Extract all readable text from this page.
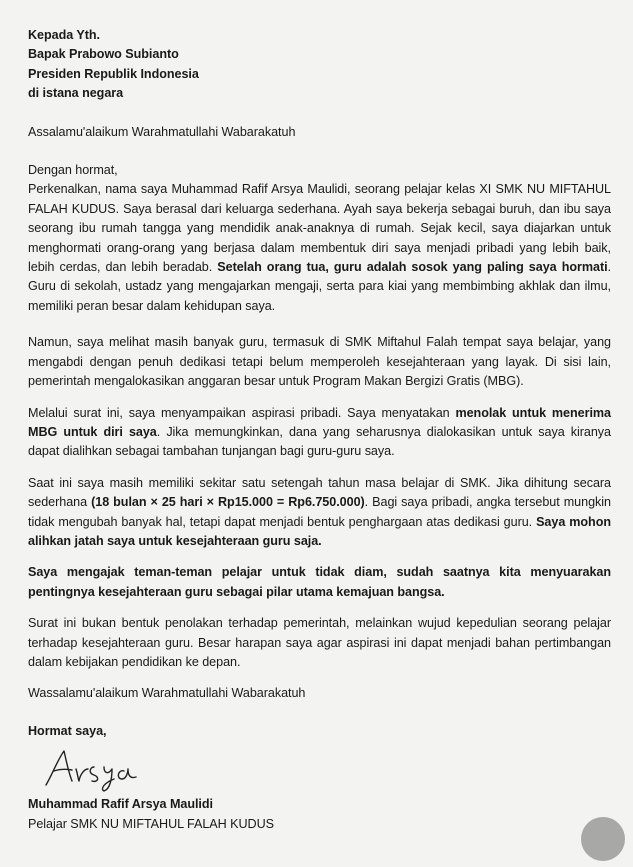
Kepada Yth.
Bapak Prabowo Subianto
Presiden Republik Indonesia
di istana negara

Assalamu'alaikum Warahmatullahi Wabarakatuh

Dengan hormat,

Perkenalkan, nama saya Muhammad Rafif Arsya Maulidi, seorang pelajar kelas XI SMK NU MIFTAHUL FALAH KUDUS. Saya berasal dari keluarga sederhana. Ayah saya bekerja sebagai buruh, dan ibu saya seorang ibu rumah tangga yang mendidik anak-anaknya di rumah. Sejak kecil, saya diajarkan untuk menghormati orang-orang yang berjasa dalam membentuk diri saya menjadi pribadi yang lebih baik, lebih cerdas, dan lebih beradab. Setelah orang tua, guru adalah sosok yang paling saya hormati. Guru di sekolah, ustadz yang mengajarkan mengaji, serta para kiai yang membimbing akhlak dan ilmu, memiliki peran besar dalam kehidupan saya.

Namun, saya melihat masih banyak guru, termasuk di SMK Miftahul Falah tempat saya belajar, yang mengabdi dengan penuh dedikasi tetapi belum memperoleh kesejahteraan yang layak. Di sisi lain, pemerintah mengalokasikan anggaran besar untuk Program Makan Bergizi Gratis (MBG).

Melalui surat ini, saya menyampaikan aspirasi pribadi. Saya menyatakan menolak untuk menerima MBG untuk diri saya. Jika memungkinkan, dana yang seharusnya dialokasikan untuk saya kiranya dapat dialihkan sebagai tambahan tunjangan bagi guru-guru saya.

Saat ini saya masih memiliki sekitar satu setengah tahun masa belajar di SMK. Jika dihitung secara sederhana (18 bulan × 25 hari × Rp15.000 = Rp6.750.000). Bagi saya pribadi, angka tersebut mungkin tidak mengubah banyak hal, tetapi dapat menjadi bentuk penghargaan atas dedikasi guru. Saya mohon alihkan jatah saya untuk kesejahteraan guru saja.

Saya mengajak teman-teman pelajar untuk tidak diam, sudah saatnya kita menyuarakan pentingnya kesejahteraan guru sebagai pilar utama kemajuan bangsa.

Surat ini bukan bentuk penolakan terhadap pemerintah, melainkan wujud kepedulian seorang pelajar terhadap kesejahteraan guru. Besar harapan saya agar aspirasi ini dapat menjadi bahan pertimbangan dalam kebijakan pendidikan ke depan.

Wassalamu'alaikum Warahmatullahi Wabarakatuh

Hormat saya,
Muhammad Rafif Arsya Maulidi
Pelajar SMK NU MIFTAHUL FALAH KUDUS
